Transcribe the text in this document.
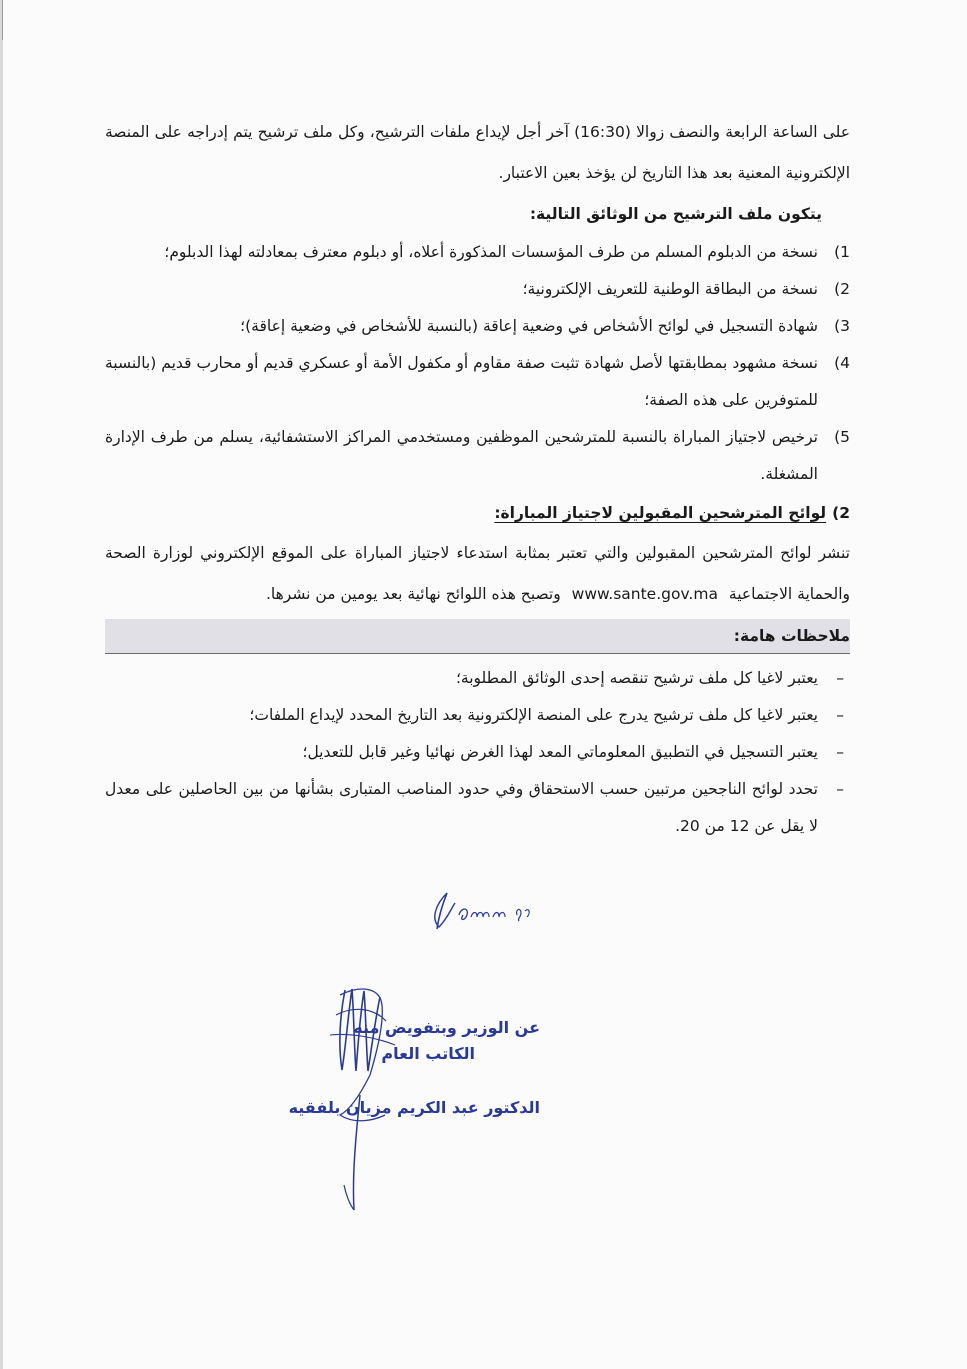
على الساعة الرابعة والنصف زوالا (16:30) آخر أجل لإيداع ملفات الترشيح، وكل ملف ترشيح يتم إدراجه على المنصة الإلكترونية المعنية بعد هذا التاريخ لن يؤخذ بعين الاعتبار.

يتكون ملف الترشيح من الوثائق التالية:

1)
نسخة من الدبلوم المسلم من طرف المؤسسات المذكورة أعلاه، أو دبلوم معترف بمعادلته لهذا الدبلوم؛
2)
نسخة من البطاقة الوطنية للتعريف الإلكترونية؛
3)
شهادة التسجيل في لوائح الأشخاص في وضعية إعاقة (بالنسبة للأشخاص في وضعية إعاقة)؛
4)
نسخة مشهود بمطابقتها لأصل شهادة تثبت صفة مقاوم أو مكفول الأمة أو عسكري قديم أو محارب قديم (بالنسبة للمتوفرين على هذه الصفة؛
5)
ترخيص لاجتياز المباراة بالنسبة للمترشحين الموظفين ومستخدمي المراكز الاستشفائية، يسلم من طرف الإدارة المشغلة.

2)لوائح المترشحين المقبولين لاجتياز المباراة:

تنشر لوائح المترشحين المقبولين والتي تعتبر بمثابة استدعاء لاجتياز المباراة على الموقع الإلكتروني لوزارة الصحة والحماية الاجتماعية www.sante.gov.ma وتصبح هذه اللوائح نهائية بعد يومين من نشرها.

ملاحظات هامة:
–
يعتبر لاغيا كل ملف ترشيح تنقصه إحدى الوثائق المطلوبة؛
–
يعتبر لاغيا كل ملف ترشيح يدرج على المنصة الإلكترونية بعد التاريخ المحدد لإيداع الملفات؛
–
يعتبر التسجيل في التطبيق المعلوماتي المعد لهذا الغرض نهائيا وغير قابل للتعديل؛
–
تحدد لوائح الناجحين مرتبين حسب الاستحقاق وفي حدود المناصب المتبارى بشأنها من بين الحاصلين على معدل لا يقل عن 12 من 20.
عن الوزير وبتفويض منه
الكاتب العام
الدكتور عبد الكريم مزيان بلفقيه
